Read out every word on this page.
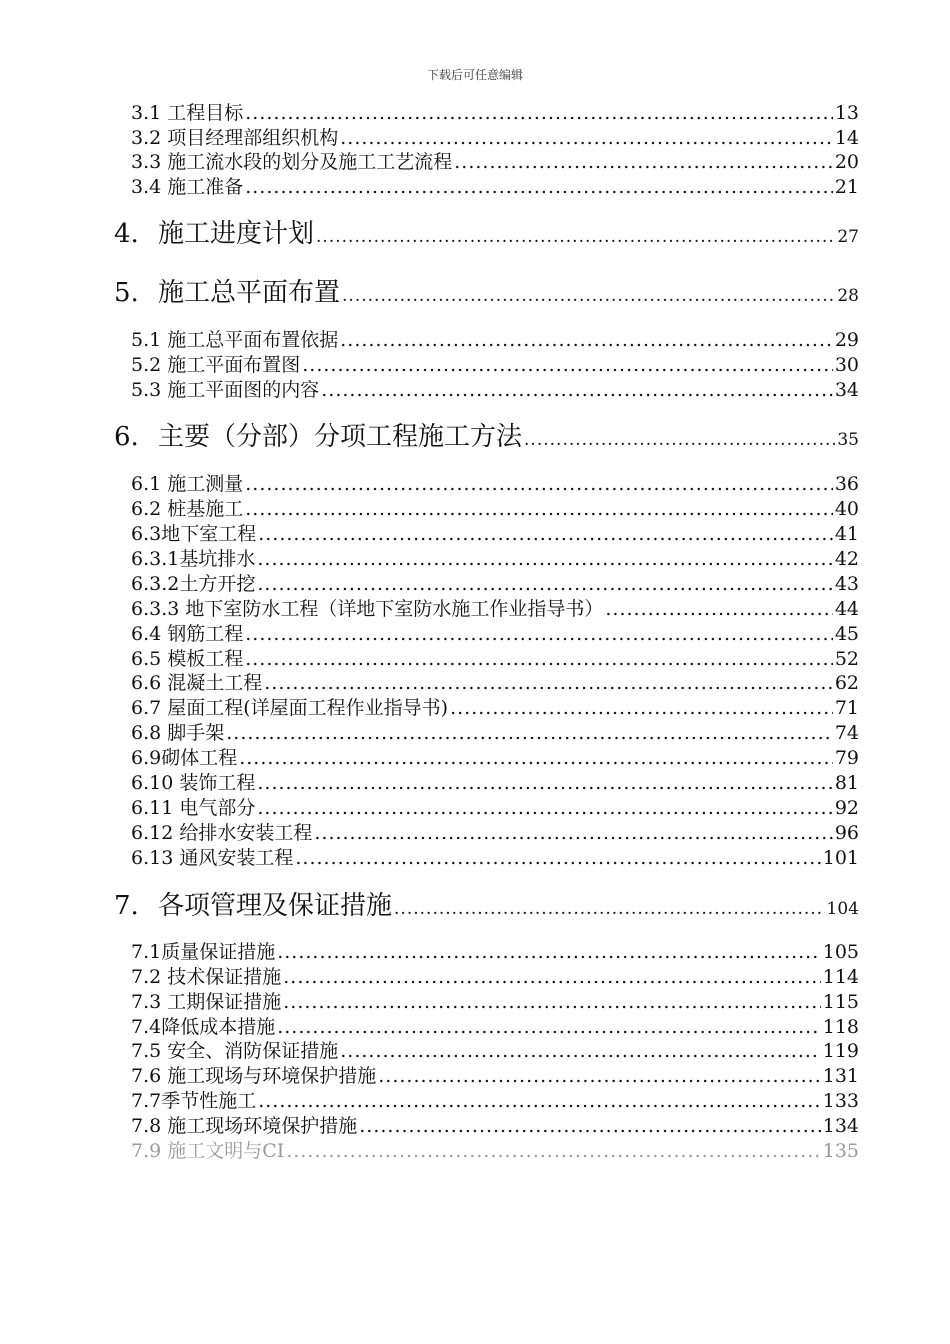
下载后可任意编辑
3.1 工程目标 .....	13
3.2 项目经理部组织机构 .....	14
3.3 施工流水段的划分及施工工艺流程 .....	20
3.4 施工准备 .....	21
4. 施工进度计划 .....	27
5. 施工总平面布置 .....	28
5.1 施工总平面布置依据 .....	29
5.2 施工平面布置图 .....	30
5.3 施工平面图的内容 .....	34
6. 主要（分部）分项工程施工方法 .....	35
6.1 施工测量 .....	36
6.2 桩基施工 .....	40
6.3地下室工程 .....	41
6.3.1基坑排水 .....	42
6.3.2土方开挖 .....	43
6.3.3 地下室防水工程（详地下室防水施工作业指导书） .....	44
6.4 钢筋工程 .....	45
6.5 模板工程 .....	52
6.6 混凝土工程 .....	62
6.7 屋面工程(详屋面工程作业指导书) .....	71
6.8 脚手架 .....	74
6.9砌体工程 .....	79
6.10 装饰工程 .....	81
6.11 电气部分 .....	92
6.12 给排水安装工程 .....	96
6.13 通风安装工程 .....	101
7. 各项管理及保证措施 .....	104
7.1质量保证措施 .....	105
7.2 技术保证措施 .....	114
7.3 工期保证措施 .....	115
7.4降低成本措施 .....	118
7.5 安全、消防保证措施 .....	119
7.6 施工现场与环境保护措施 .....	131
7.7季节性施工 .....	133
7.8 施工现场环境保护措施 .....	134
7.9 施工文明与CI .....	135
